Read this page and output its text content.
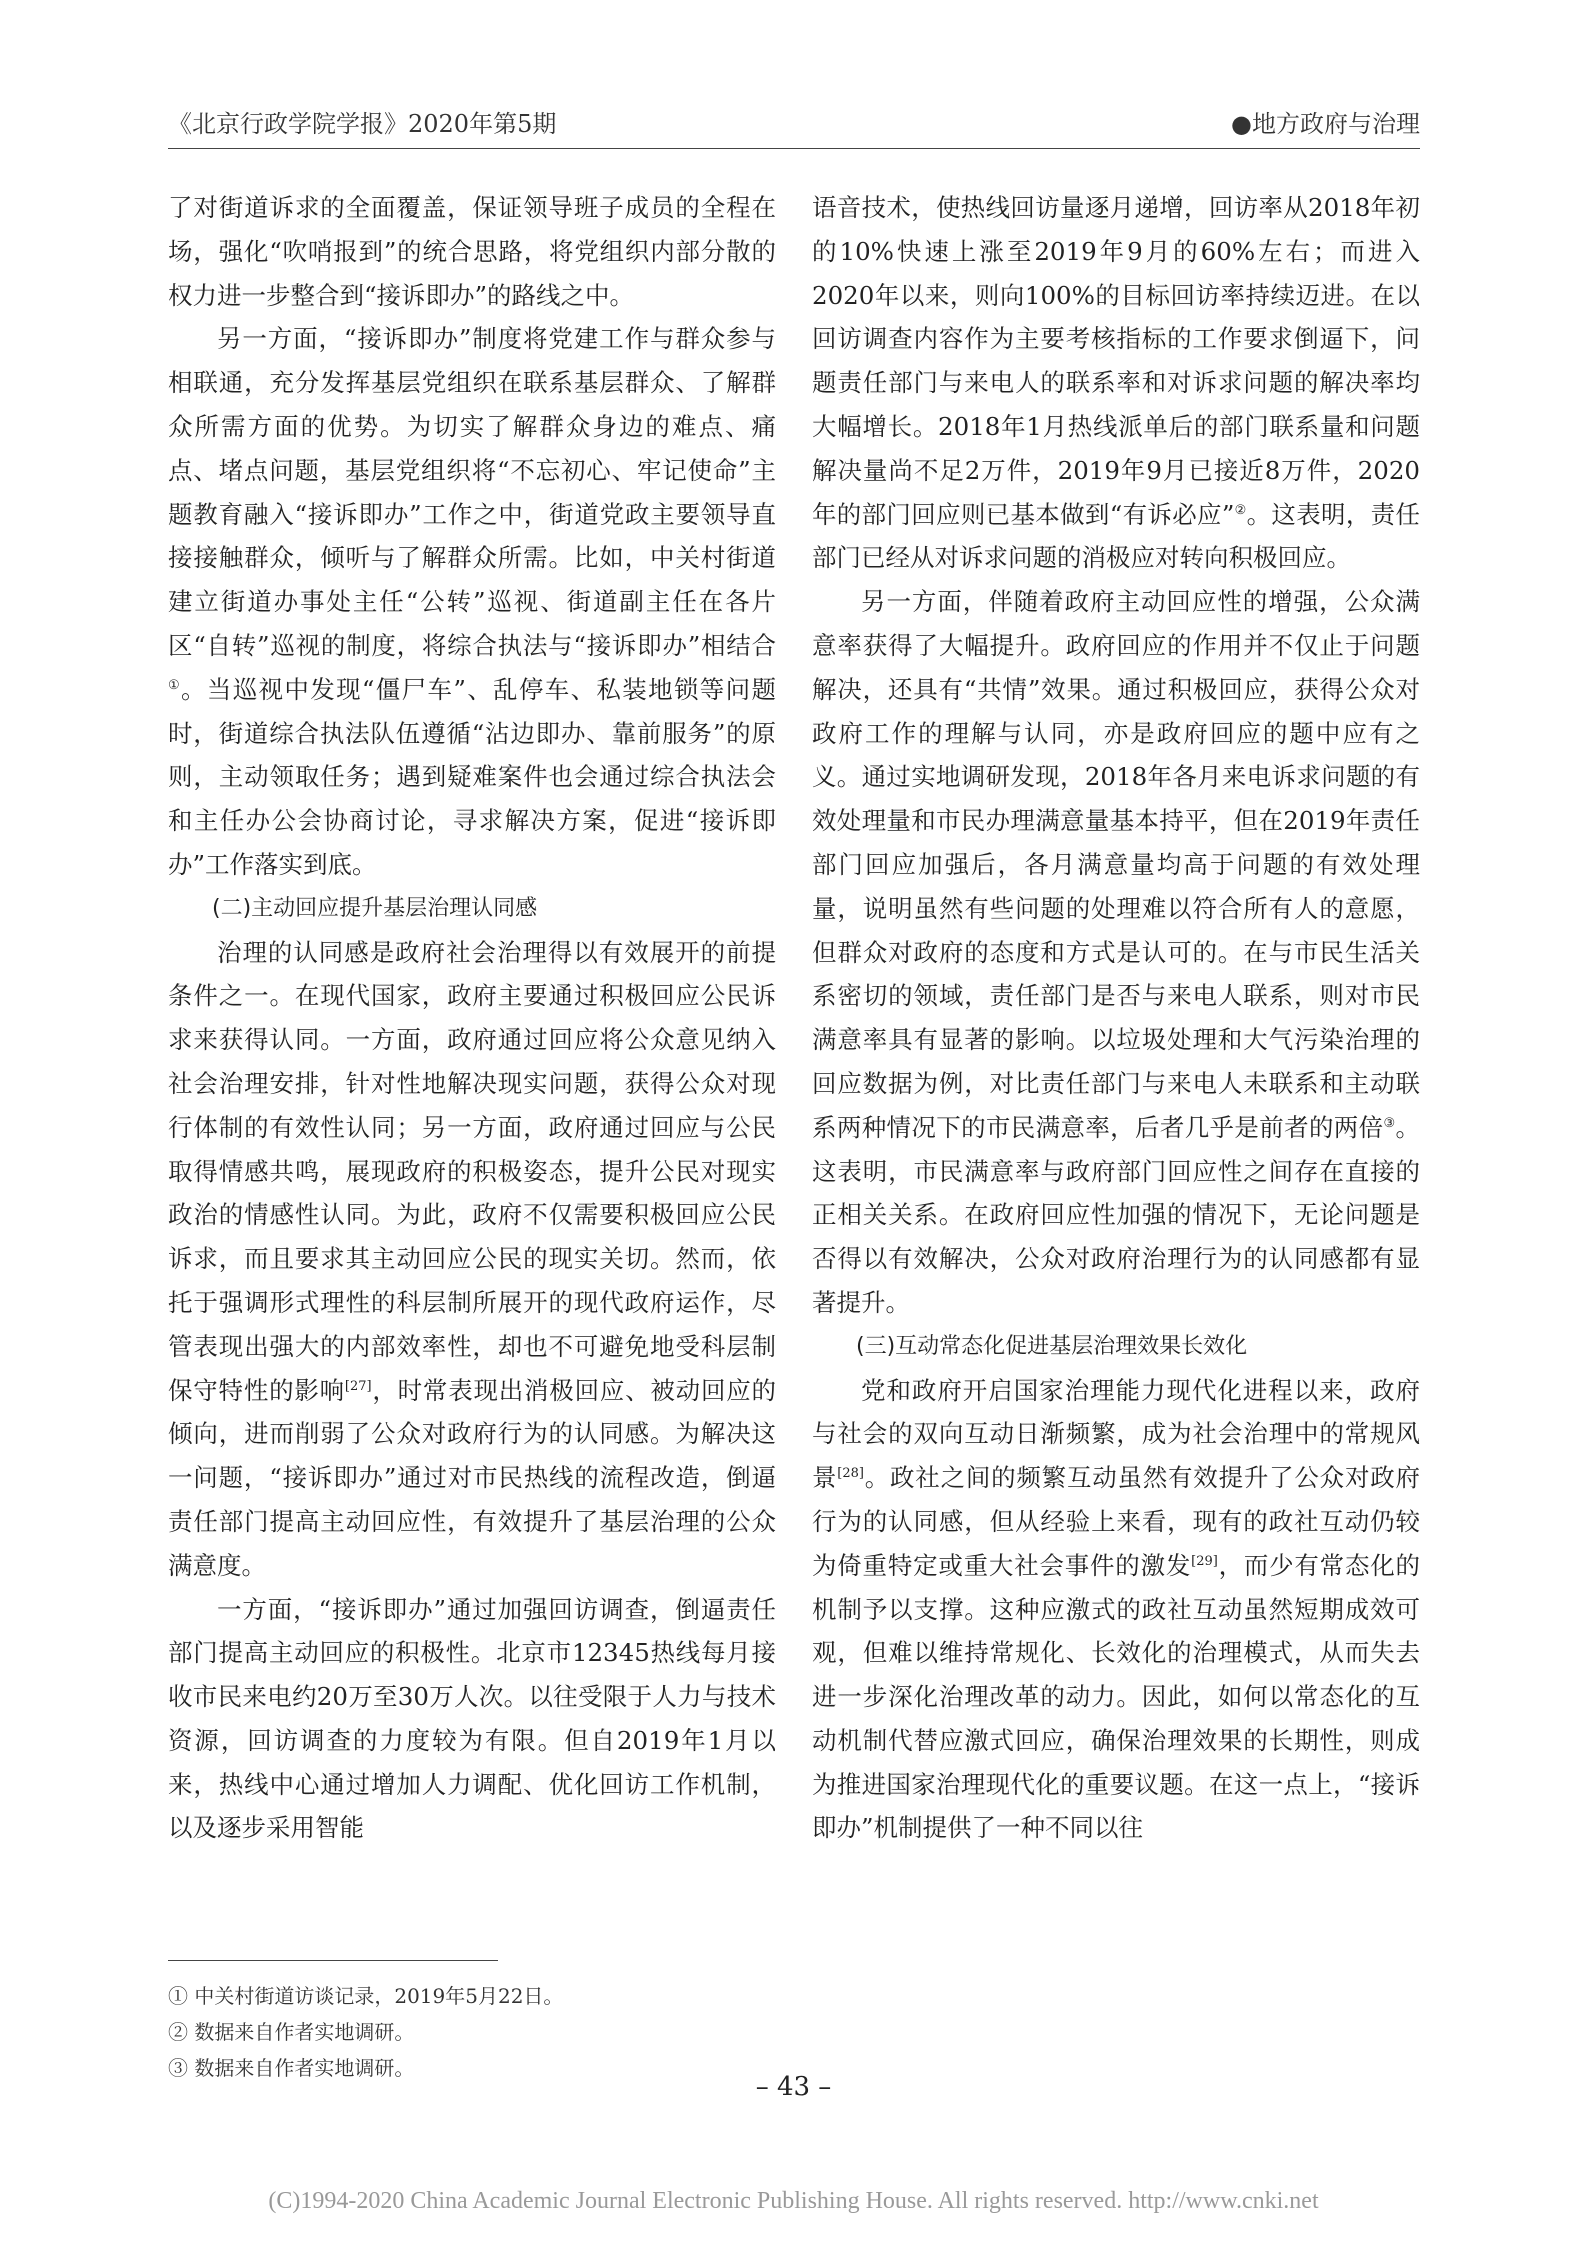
《北京行政学院学报》2020年第5期	●地方政府与治理

了对街道诉求的全面覆盖，保证领导班子成员的全程在场，强化“吹哨报到”的统合思路，将党组织内部分散的权力进一步整合到“接诉即办”的路线之中。

另一方面，“接诉即办”制度将党建工作与群众参与相联通，充分发挥基层党组织在联系基层群众、了解群众所需方面的优势。为切实了解群众身边的难点、痛点、堵点问题，基层党组织将“不忘初心、牢记使命”主题教育融入“接诉即办”工作之中，街道党政主要领导直接接触群众，倾听与了解群众所需。比如，中关村街道建立街道办事处主任“公转”巡视、街道副主任在各片区“自转”巡视的制度，将综合执法与“接诉即办”相结合①。当巡视中发现“僵尸车”、乱停车、私装地锁等问题时，街道综合执法队伍遵循“沾边即办、靠前服务”的原则，主动领取任务；遇到疑难案件也会通过综合执法会和主任办公会协商讨论，寻求解决方案，促进“接诉即办”工作落实到底。

(二)主动回应提升基层治理认同感

治理的认同感是政府社会治理得以有效展开的前提条件之一。在现代国家，政府主要通过积极回应公民诉求来获得认同。一方面，政府通过回应将公众意见纳入社会治理安排，针对性地解决现实问题，获得公众对现行体制的有效性认同；另一方面，政府通过回应与公民取得情感共鸣，展现政府的积极姿态，提升公民对现实政治的情感性认同。为此，政府不仅需要积极回应公民诉求，而且要求其主动回应公民的现实关切。然而，依托于强调形式理性的科层制所展开的现代政府运作，尽管表现出强大的内部效率性，却也不可避免地受科层制保守特性的影响[27]，时常表现出消极回应、被动回应的倾向，进而削弱了公众对政府行为的认同感。为解决这一问题，“接诉即办”通过对市民热线的流程改造，倒逼责任部门提高主动回应性，有效提升了基层治理的公众满意度。

一方面，“接诉即办”通过加强回访调查，倒逼责任部门提高主动回应的积极性。北京市12345热线每月接收市民来电约20万至30万人次。以往受限于人力与技术资源，回访调查的力度较为有限。但自2019年1月以来，热线中心通过增加人力调配、优化回访工作机制，以及逐步采用智能

语音技术，使热线回访量逐月递增，回访率从2018年初的10%快速上涨至2019年9月的60%左右；而进入2020年以来，则向100%的目标回访率持续迈进。在以回访调查内容作为主要考核指标的工作要求倒逼下，问题责任部门与来电人的联系率和对诉求问题的解决率均大幅增长。2018年1月热线派单后的部门联系量和问题解决量尚不足2万件，2019年9月已接近8万件，2020年的部门回应则已基本做到“有诉必应”②。这表明，责任部门已经从对诉求问题的消极应对转向积极回应。

另一方面，伴随着政府主动回应性的增强，公众满意率获得了大幅提升。政府回应的作用并不仅止于问题解决，还具有“共情”效果。通过积极回应，获得公众对政府工作的理解与认同，亦是政府回应的题中应有之义。通过实地调研发现，2018年各月来电诉求问题的有效处理量和市民办理满意量基本持平，但在2019年责任部门回应加强后，各月满意量均高于问题的有效处理量，说明虽然有些问题的处理难以符合所有人的意愿，但群众对政府的态度和方式是认可的。在与市民生活关系密切的领域，责任部门是否与来电人联系，则对市民满意率具有显著的影响。以垃圾处理和大气污染治理的回应数据为例，对比责任部门与来电人未联系和主动联系两种情况下的市民满意率，后者几乎是前者的两倍③。这表明，市民满意率与政府部门回应性之间存在直接的正相关关系。在政府回应性加强的情况下，无论问题是否得以有效解决，公众对政府治理行为的认同感都有显著提升。

(三)互动常态化促进基层治理效果长效化

党和政府开启国家治理能力现代化进程以来，政府与社会的双向互动日渐频繁，成为社会治理中的常规风景[28]。政社之间的频繁互动虽然有效提升了公众对政府行为的认同感，但从经验上来看，现有的政社互动仍较为倚重特定或重大社会事件的激发[29]，而少有常态化的机制予以支撑。这种应激式的政社互动虽然短期成效可观，但难以维持常规化、长效化的治理模式，从而失去进一步深化治理改革的动力。因此，如何以常态化的互动机制代替应激式回应，确保治理效果的长期性，则成为推进国家治理现代化的重要议题。在这一点上，“接诉即办”机制提供了一种不同以往

① 中关村街道访谈记录，2019年5月22日。
② 数据来自作者实地调研。
③ 数据来自作者实地调研。
– 43 –
(C)1994-2020 China Academic Journal Electronic Publishing House. All rights reserved. http://www.cnki.net
